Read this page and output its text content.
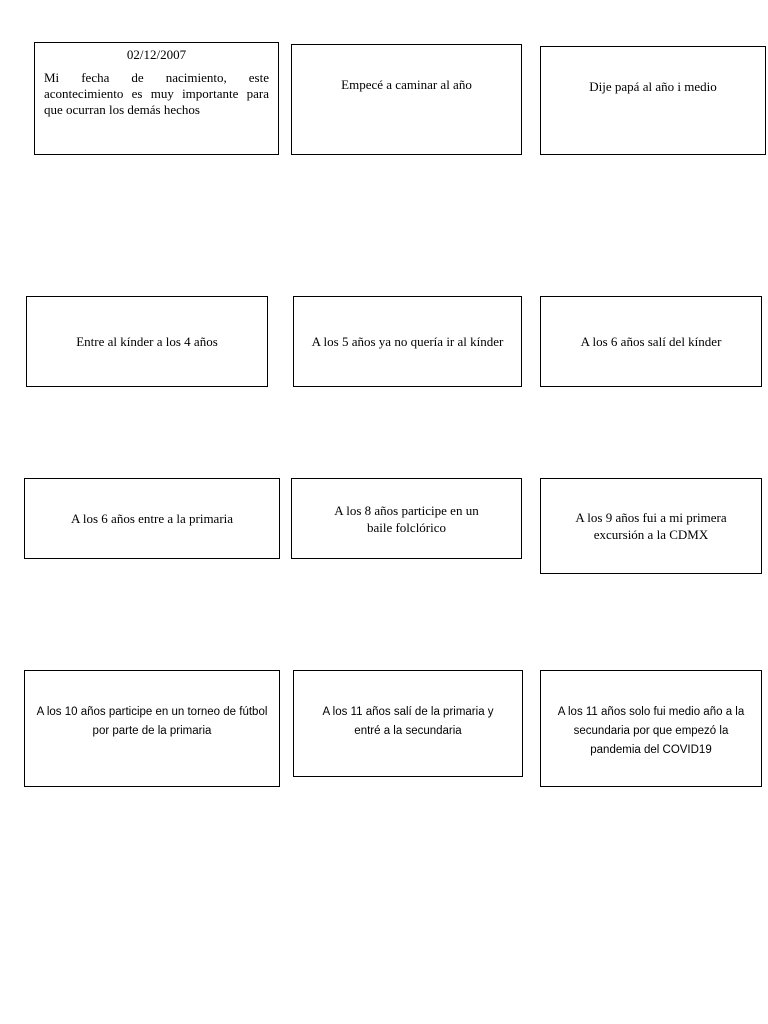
02/12/2007
Mi fecha de nacimiento, este acontecimiento es muy importante para que ocurran los demás hechos
Empecé a caminar al año	Dije papá al año i medio
Entre al kínder a los 4 años	A los 5 años ya no quería ir al kínder	A los 6 años salí del kínder
A los 6 años entre a la primaria
A los 8 años participe en un baile folclórico
A los 9 años fui a mi primera excursión a la CDMX
A los 10 años participe en un torneo de fútbol por parte de la primaria
A los 11 años salí de la primaria y entré a la secundaria
A los 11 años solo fui medio año a la secundaria por que empezó la pandemia del COVID19
